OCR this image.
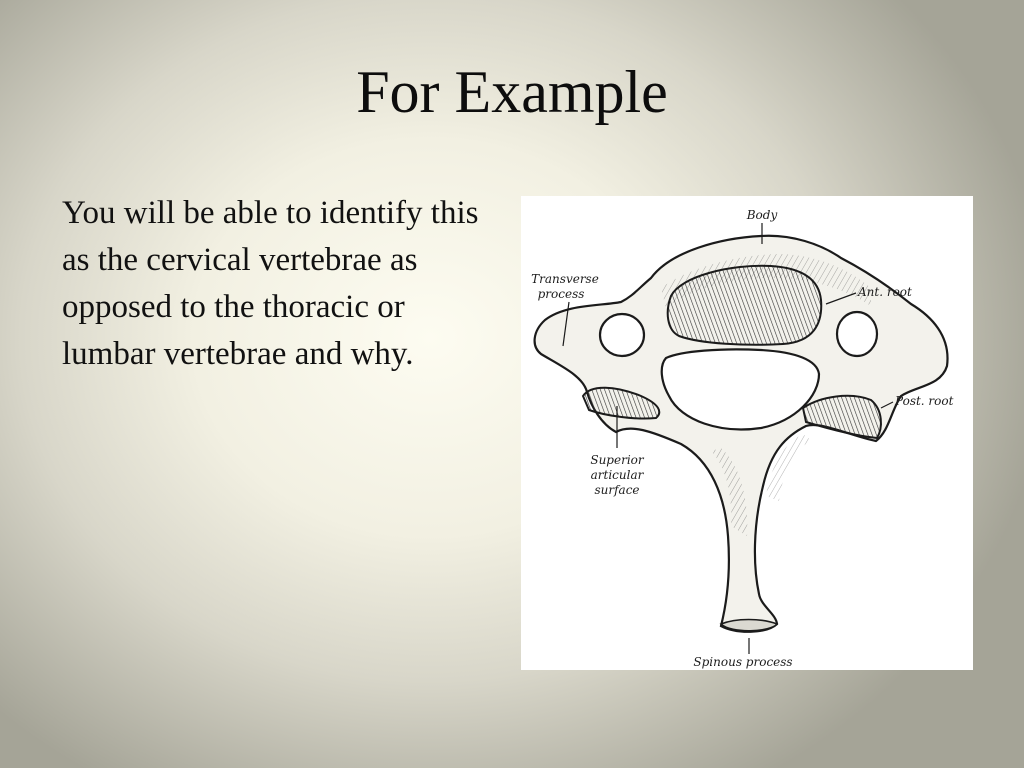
For Example
You will be able to identify this as the cervical vertebrae as opposed to the thoracic or lumbar vertebrae and why.
Body
Transverse
process	Ant. root
Post. root
Superior
articular
surface
Spinous process
